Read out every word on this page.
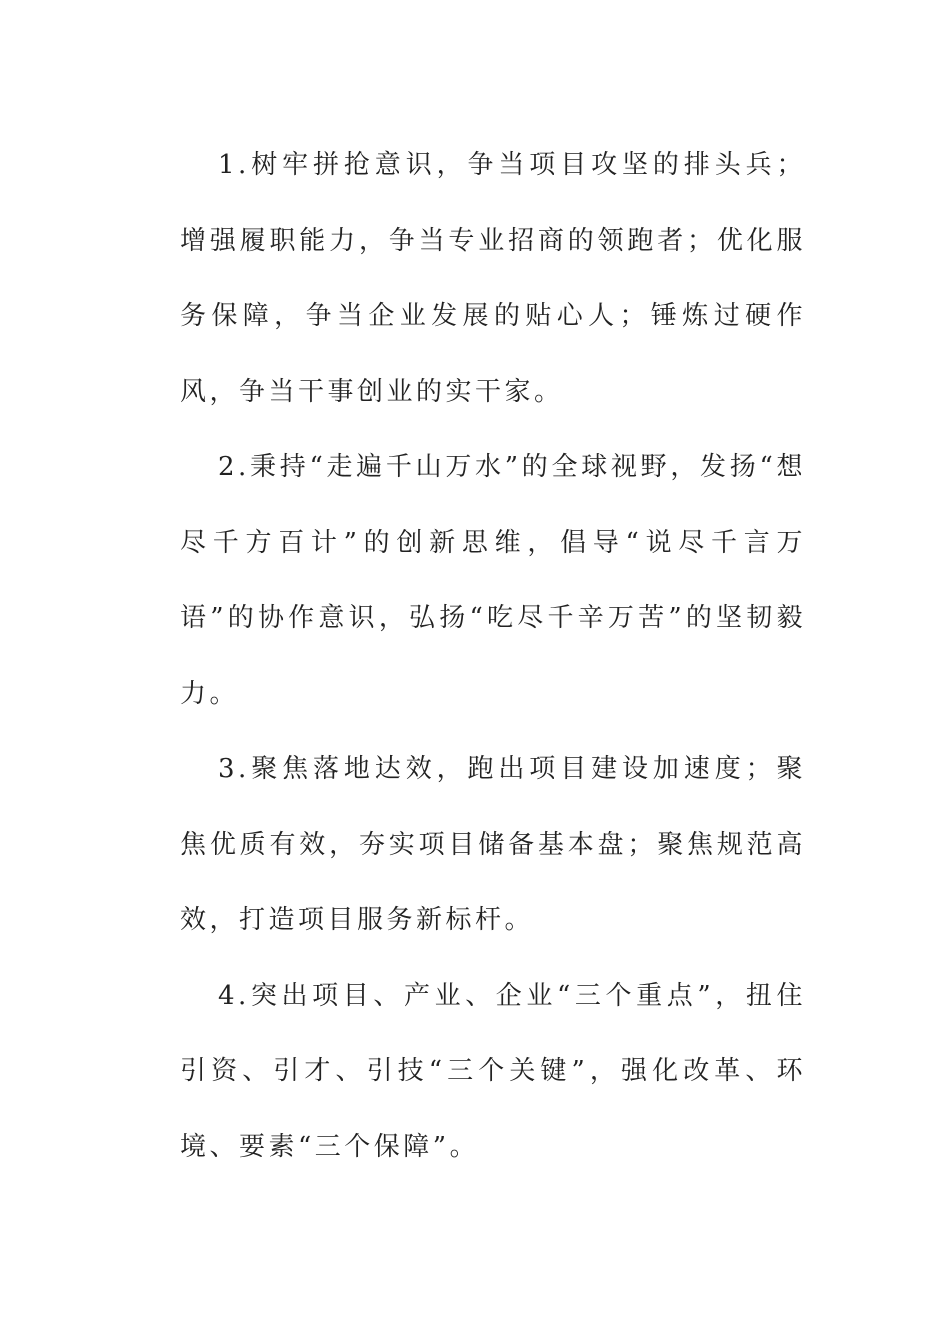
1.树牢拼抢意识，争当项目攻坚的排头兵；增强履职能力，争当专业招商的领跑者；优化服务保障，争当企业发展的贴心人；锤炼过硬作风，争当干事创业的实干家。

2.秉持“走遍千山万水”的全球视野，发扬“想尽千方百计”的创新思维，倡导“说尽千言万语”的协作意识，弘扬“吃尽千辛万苦”的坚韧毅力。

3.聚焦落地达效，跑出项目建设加速度；聚焦优质有效，夯实项目储备基本盘；聚焦规范高效，打造项目服务新标杆。

4.突出项目、产业、企业“三个重点”，扭住引资、引才、引技“三个关键”，强化改革、环境、要素“三个保障”。
